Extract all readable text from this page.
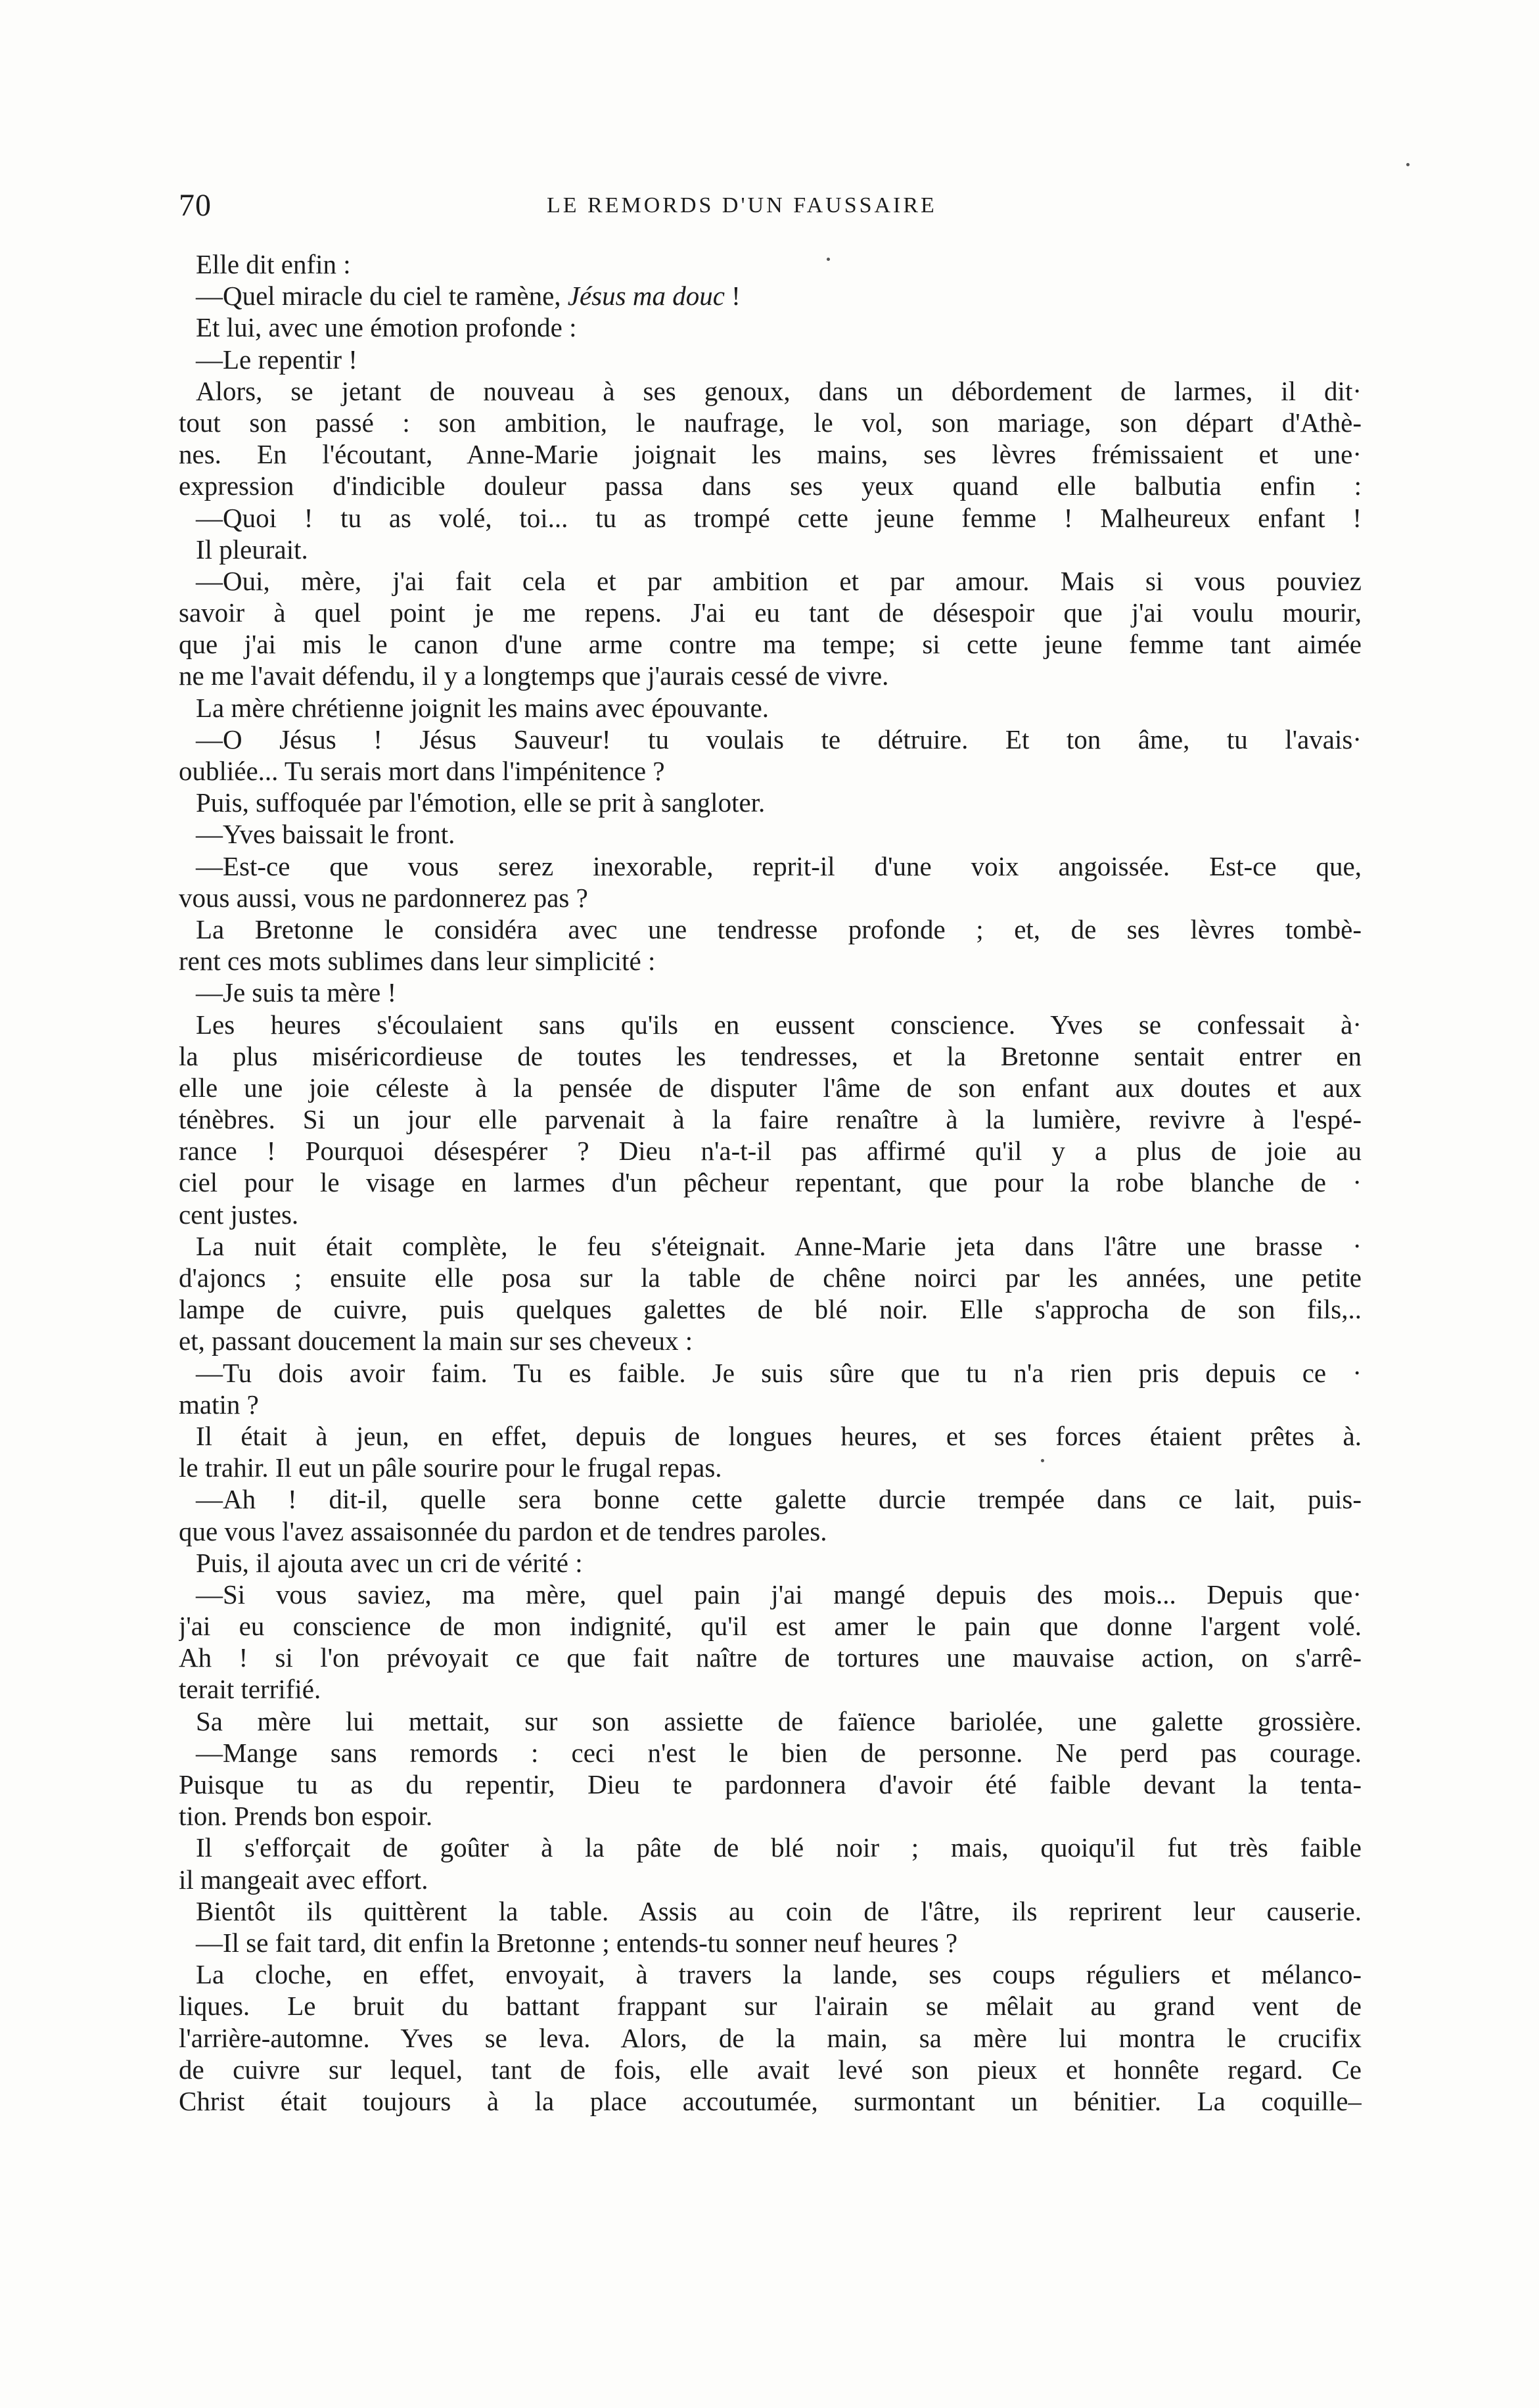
70	LE REMORDS D'UN FAUSSAIRE
Elle dit enfin :
—Quel miracle du ciel te ramène, Jésus ma douc !
Et lui, avec une émotion profonde :
—Le repentir !
Alors, se jetant de nouveau à ses genoux, dans un débordement de larmes, il dit·
tout son passé : son ambition, le naufrage, le vol, son mariage, son départ d'Athè-
nes. En l'écoutant, Anne-Marie joignait les mains, ses lèvres frémissaient et une·
expression d'indicible douleur passa dans ses yeux quand elle balbutia enfin :
—Quoi ! tu as volé, toi... tu as trompé cette jeune femme ! Malheureux enfant !
Il pleurait.
—Oui, mère, j'ai fait cela et par ambition et par amour. Mais si vous pouviez
savoir à quel point je me repens. J'ai eu tant de désespoir que j'ai voulu mourir,
que j'ai mis le canon d'une arme contre ma tempe; si cette jeune femme tant aimée
ne me l'avait défendu, il y a longtemps que j'aurais cessé de vivre.
La mère chrétienne joignit les mains avec épouvante.
—O Jésus ! Jésus Sauveur! tu voulais te détruire. Et ton âme, tu l'avais·
oubliée... Tu serais mort dans l'impénitence ?
Puis, suffoquée par l'émotion, elle se prit à sangloter.
—Yves baissait le front.
—Est-ce que vous serez inexorable, reprit-il d'une voix angoissée. Est-ce que,
vous aussi, vous ne pardonnerez pas ?
La Bretonne le considéra avec une tendresse profonde ; et, de ses lèvres tombè-
rent ces mots sublimes dans leur simplicité :
—Je suis ta mère !
Les heures s'écoulaient sans qu'ils en eussent conscience. Yves se confessait à·
la plus miséricordieuse de toutes les tendresses, et la Bretonne sentait entrer en
elle une joie céleste à la pensée de disputer l'âme de son enfant aux doutes et aux
ténèbres. Si un jour elle parvenait à la faire renaître à la lumière, revivre à l'espé-
rance ! Pourquoi désespérer ? Dieu n'a-t-il pas affirmé qu'il y a plus de joie au
ciel pour le visage en larmes d'un pêcheur repentant, que pour la robe blanche de ·
cent justes.
La nuit était complète, le feu s'éteignait. Anne-Marie jeta dans l'âtre une brasse ·
d'ajoncs ; ensuite elle posa sur la table de chêne noirci par les années, une petite
lampe de cuivre, puis quelques galettes de blé noir. Elle s'approcha de son fils,..
et, passant doucement la main sur ses cheveux :
—Tu dois avoir faim. Tu es faible. Je suis sûre que tu n'a rien pris depuis ce ·
matin ?
Il était à jeun, en effet, depuis de longues heures, et ses forces étaient prêtes à.
le trahir. Il eut un pâle sourire pour le frugal repas.
—Ah ! dit-il, quelle sera bonne cette galette durcie trempée dans ce lait, puis-
que vous l'avez assaisonnée du pardon et de tendres paroles.
Puis, il ajouta avec un cri de vérité :
—Si vous saviez, ma mère, quel pain j'ai mangé depuis des mois... Depuis que·
j'ai eu conscience de mon indignité, qu'il est amer le pain que donne l'argent volé.
Ah ! si l'on prévoyait ce que fait naître de tortures une mauvaise action, on s'arrê-
terait terrifié.
Sa mère lui mettait, sur son assiette de faïence bariolée, une galette grossière.
—Mange sans remords : ceci n'est le bien de personne. Ne perd pas courage.
Puisque tu as du repentir, Dieu te pardonnera d'avoir été faible devant la tenta-
tion. Prends bon espoir.
Il s'efforçait de goûter à la pâte de blé noir ; mais, quoiqu'il fut très faible
il mangeait avec effort.
Bientôt ils quittèrent la table. Assis au coin de l'âtre, ils reprirent leur causerie.
—Il se fait tard, dit enfin la Bretonne ; entends-tu sonner neuf heures ?
La cloche, en effet, envoyait, à travers la lande, ses coups réguliers et mélanco-
liques. Le bruit du battant frappant sur l'airain se mêlait au grand vent de
l'arrière-automne. Yves se leva. Alors, de la main, sa mère lui montra le crucifix
de cuivre sur lequel, tant de fois, elle avait levé son pieux et honnête regard. Ce
Christ était toujours à la place accoutumée, surmontant un bénitier. La coquille–
